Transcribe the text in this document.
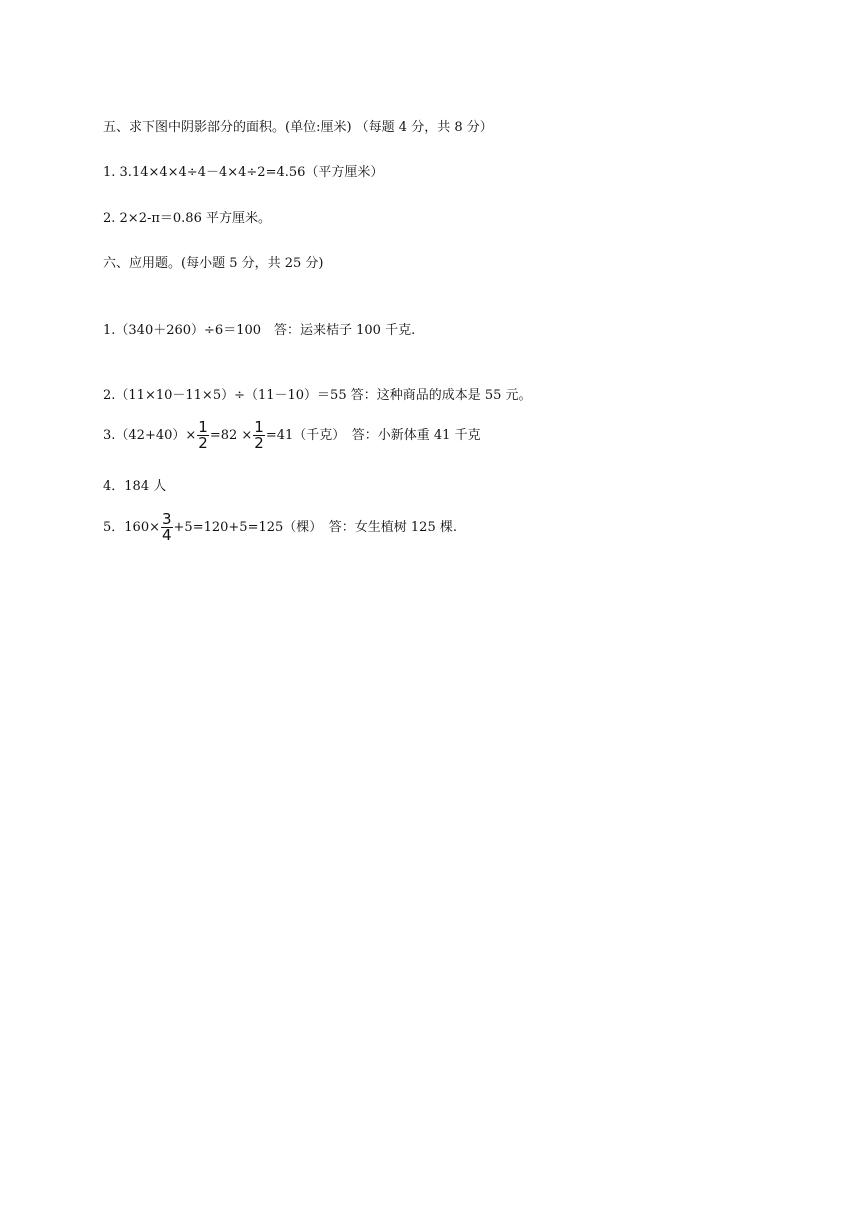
五、求下图中阴影部分的面积。(单位:厘米) （每题 4 分，共 8 分）
1. 3.14×4×4÷4－4×4÷2=4.56（平方厘米）
2. 2×2-π＝0.86 平方厘米。
六、应用题。(每小题 5 分，共 25 分)
1.（340＋260）÷6＝100　答：运来桔子 100 千克.
2.（11×10－11×5）÷（11－10）＝55 答：这种商品的成本是 55 元。
$3.(42+40)\times \frac{1}{2} =82 \times \frac{1}{2} =41$（千克）　答：小新体重 41 千克
4．184 人
5．$160\times \frac{3}{4} +5=120+5=125$（棵）　答：女生植树 125 棵.
